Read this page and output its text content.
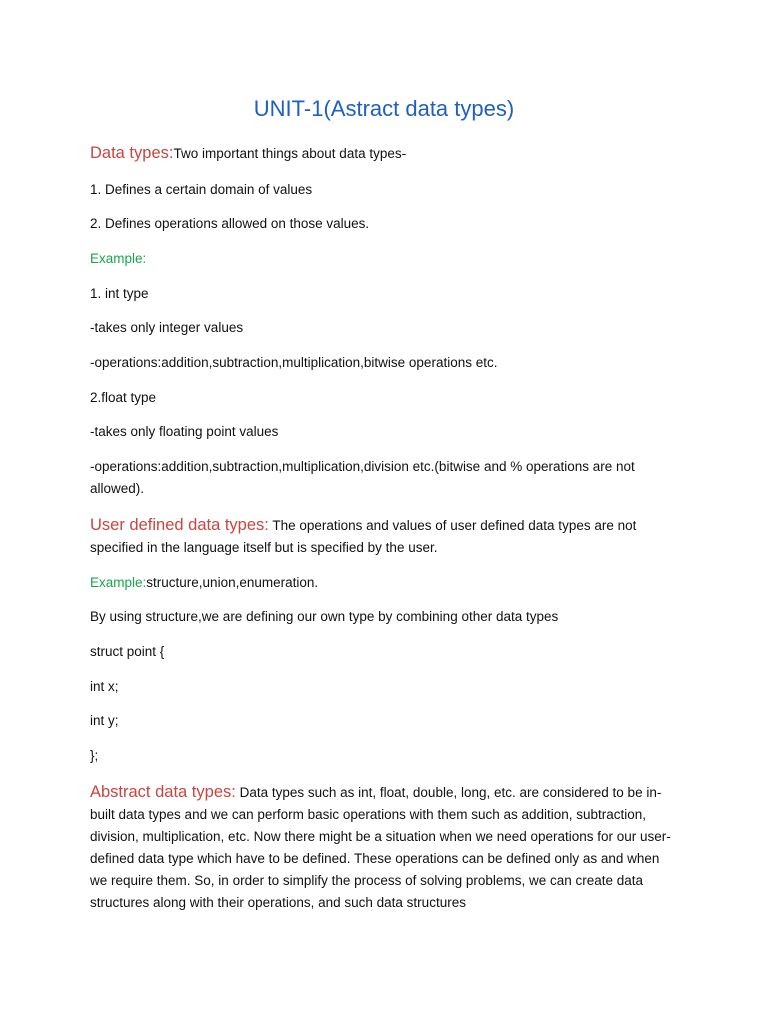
UNIT-1(Astract data types)

Data types:Two important things about data types-

1. Defines a certain domain of values

2. Defines operations allowed on those values.

Example:

1. int type

-takes only integer values

-operations:addition,subtraction,multiplication,bitwise operations etc.

2.float type

-takes only floating point values

-operations:addition,subtraction,multiplication,division etc.(bitwise and % operations are not allowed).

User defined data types: The operations and values of user defined data types are not specified in the language itself but is specified by the user.

Example:structure,union,enumeration.

By using structure,we are defining our own type by combining other data types

struct point {

int x;

int y;

};

Abstract data types: Data types such as int, float, double, long, etc. are considered to be in-built data types and we can perform basic operations with them such as addition, subtraction, division, multiplication, etc. Now there might be a situation when we need operations for our user-defined data type which have to be defined. These operations can be defined only as and when we require them. So, in order to simplify the process of solving problems, we can create data structures along with their operations, and such data structures
